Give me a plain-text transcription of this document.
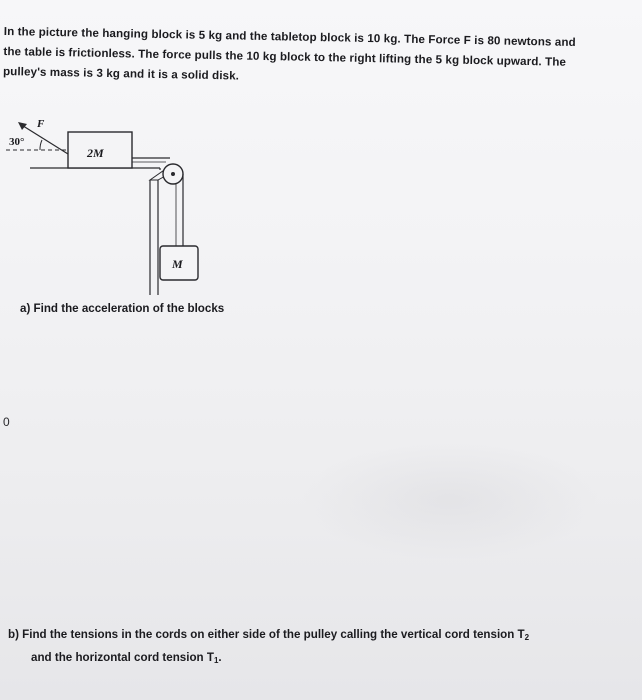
In the picture the hanging block is 5 kg and the tabletop block is 10 kg. The Force F is 80 newtons and
the table is frictionless. The force pulls the 10 kg block to the right lifting the 5 kg block upward. The
pulley's mass is 3 kg and it is a solid disk.
F
30°
2M
M
a) Find the acceleration of the blocks
0
b) Find the tensions in the cords on either side of the pulley calling the vertical cord tension $T_2$
and the horizontal cord tension $T_1$.
